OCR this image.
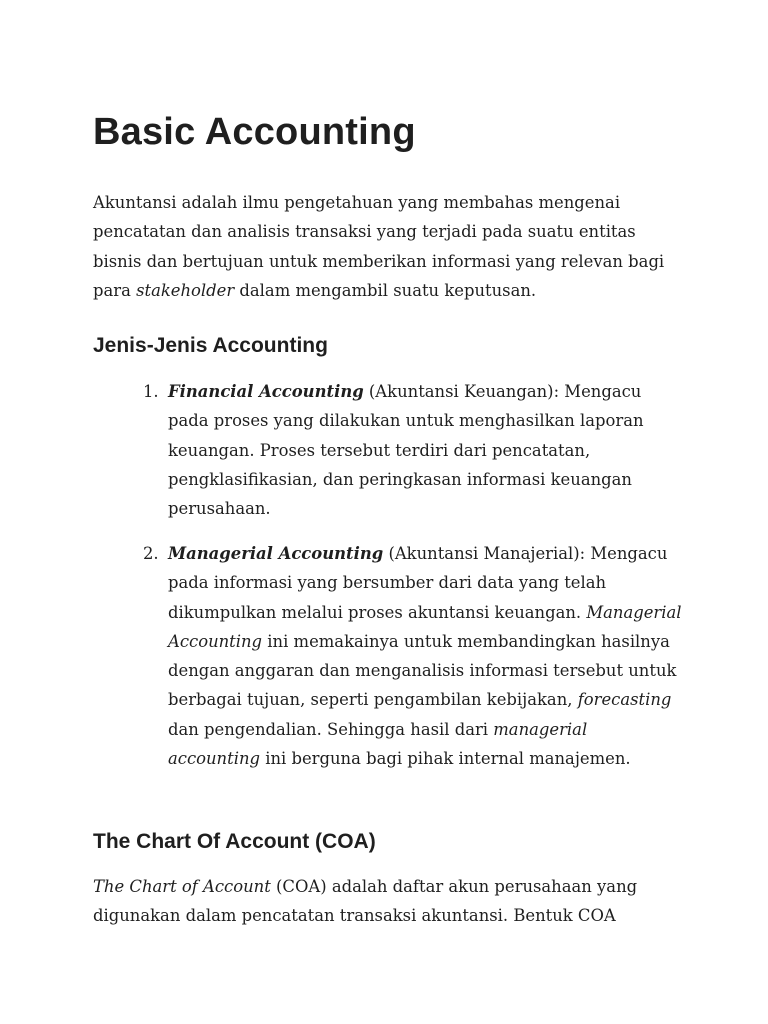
Basic Accounting

Akuntansi adalah ilmu pengetahuan yang membahas mengenai pencatatan dan analisis transaksi yang terjadi pada suatu entitas bisnis dan bertujuan untuk memberikan informasi yang relevan bagi para stakeholder dalam mengambil suatu keputusan.

Jenis-Jenis Accounting
1. Financial Accounting (Akuntansi Keuangan): Mengacu pada proses yang dilakukan untuk menghasilkan laporan keuangan. Proses tersebut terdiri dari pencatatan, pengklasifikasian, dan peringkasan informasi keuangan perusahaan.
2. Managerial Accounting (Akuntansi Manajerial): Mengacu pada informasi yang bersumber dari data yang telah dikumpulkan melalui proses akuntansi keuangan. Managerial Accounting ini memakainya untuk membandingkan hasilnya dengan anggaran dan menganalisis informasi tersebut untuk berbagai tujuan, seperti pengambilan kebijakan, forecasting dan pengendalian. Sehingga hasil dari managerial accounting ini berguna bagi pihak internal manajemen.
The Chart Of Account (COA)

The Chart of Account (COA) adalah daftar akun perusahaan yang digunakan dalam pencatatan transaksi akuntansi. Bentuk COA
